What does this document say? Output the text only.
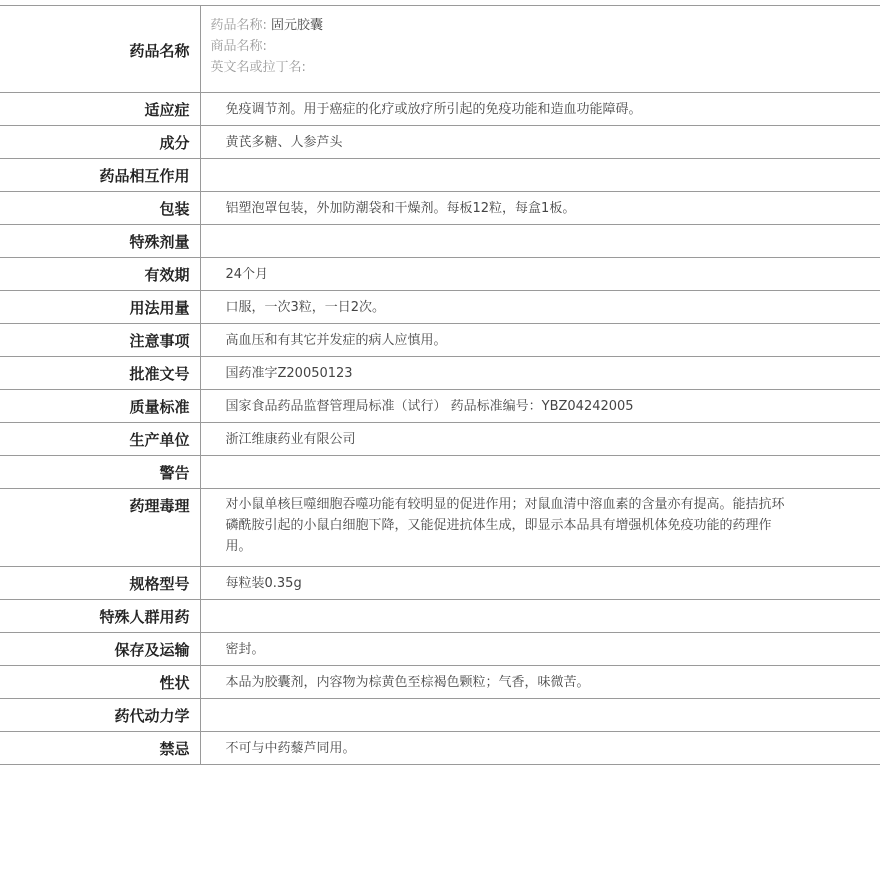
药品名称	药品名称: 固元胶囊
商品名称:
英文名或拉丁名:

适应症	免疫调节剂。用于癌症的化疗或放疗所引起的免疫功能和造血功能障碍。
成分	黄芪多糖、人参芦头
药品相互作用	
包装	铝塑泡罩包装，外加防潮袋和干燥剂。每板12粒，每盒1板。
特殊剂量	
有效期	24个月
用法用量	口服，一次3粒，一日2次。
注意事项	高血压和有其它并发症的病人应慎用。
批准文号	国药准字Z20050123
质量标准	国家食品药品监督管理局标准（试行） 药品标准编号：YBZ04242005
生产单位	浙江维康药业有限公司
警告	
药理毒理	对小鼠单核巨噬细胞吞噬功能有较明显的促进作用；对鼠血清中溶血素的含量亦有提高。能拮抗环磷酰胺引起的小鼠白细胞下降，又能促进抗体生成，即显示本品具有增强机体免疫功能的药理作用。
规格型号	每粒装0.35g
特殊人群用药	
保存及运输	密封。
性状	本品为胶囊剂，内容物为棕黄色至棕褐色颗粒；气香，味微苦。
药代动力学	
禁忌	不可与中药藜芦同用。
